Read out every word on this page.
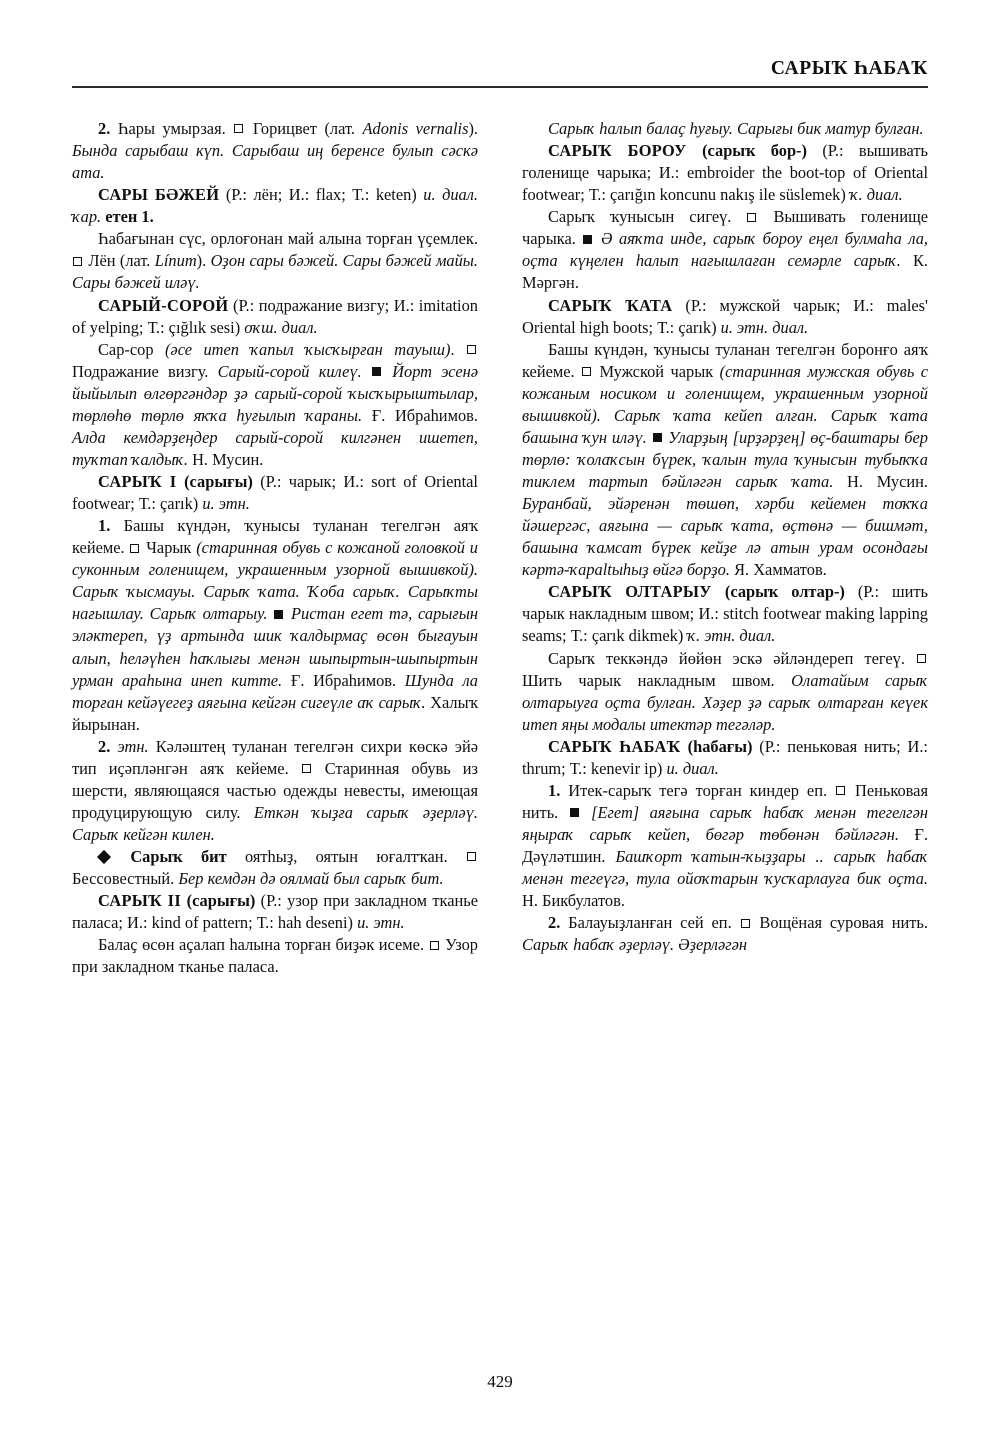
САРЫҠ ҺАБАҠ

2. Һары умырзая.  Горицвет (лат. Adonis vernalis). Бында сарыбаш күп. Сарыбаш иң беренсе булып сәскә ата.

САРЫ БӘЖЕЙ (Р.: лён; И.: flax; Т.: keten) и. диал. ҡар. етен 1.

Һабағынан сүс, орлоғонан май алына торған үҫемлек.  Лён (лат. Línum). Оҙон сары бәжей. Сары бәжей майы. Сары бәжей иләү.

САРЫЙ-СОРОЙ (Р.: подражание визгу; И.: imitation of yelping; Т.: çığlık sesi) оҡш. диал.

Сар-сор (әсе итеп ҡапыл ҡысҡырған тауыш).  Подражание визгу. Сарый-сорой килеү.  Йорт эсенә йыйылып өлгөргәндәр ҙә сарый-сорой ҡысҡырыштылар, төрлөһө төрлө яҡҡа һуғылып ҡараны. Ғ. Ибраһимов. Алда кемдәрҙеңдер сарый-сорой килгәнен ишетеп, туҡтап ҡалдыҡ. Н. Мусин.

САРЫҠ I (сарығы) (Р.: чарык; И.: sort of Oriental footwear; Т.: çarık) и. этн.

1. Башы күндән, ҡунысы туланан тегелгән аяҡ кейеме.  Чарык (старинная обувь с кожаной головкой и суконным голенищем, украшенным узорной вышивкой). Сарыҡ ҡысмауы. Сарыҡ ҡата. Ҡоба сарыҡ. Сарыҡты нағышлау. Сарыҡ олтарыу.  Ристан егет тә, сарығын эләктереп, үҙ артында шик ҡалдырмаҫ өсөн бығауын алып, һеләүһен һаҡлығы менән шыпыртын-шыпыртын урман араһына инеп китте. Ғ. Ибраһимов. Шунда ла торған кейәүегеҙ аяғына кейгән сигеүле аҡ сарыҡ. Халыҡ йырынан.

2. этн. Кәләштең туланан тегелгән сихри көскә эйә тип иҫәпләнгән аяҡ кейеме.  Старинная обувь из шерсти, являющаяся частью одежды невесты, имеющая продуцирующую силу. Еткән ҡыҙға сарыҡ әҙерләү. Сарыҡ кейгән килен.

Сарыҡ бит оятһыҙ, оятын юғалтҡан.  Бессовестный. Бер кемдән дә оялмай был сарыҡ бит.

САРЫҠ II (сарығы) (Р.: узор при закладном тканье паласа; И.: kind of pattern; Т.: hah deseni) и. этн.

Балаҫ өсөн аҫалап һалына торған биҙәк исеме.  Узор при закладном тканье паласа.

Сарыҡ һалып балаҫ һуғыу. Сарығы бик матур булған.

САРЫҠ БОРОУ (сарыҡ бор-) (Р.: вышивать голенище чарыка; И.: embroider the boot-top of Oriental footwear; Т.: çarığın koncunu nakış ile süslemek) ҡ. диал.

Сарыҡ ҡунысын сигеү.  Вышивать голенище чарыка.  Ә аяҡта инде, сарыҡ бороу еңел булмаһа ла, оҫта күңелен һалып нағышлаған семәрле сарыҡ. К. Мәргән.

САРЫҠ ҠАТА (Р.: мужской чарык; И.: males' Oriental high boots; Т.: çarık) и. этн. диал.

Башы күндән, ҡунысы туланан тегелгән боронғо аяҡ кейеме.  Мужской чарык (старинная мужская обувь с кожаным носиком и голенищем, украшенным узорной вышивкой). Сарыҡ ҡата кейеп алған. Сарыҡ ҡата башына ҡун иләү.  Уларҙың [ирҙәрҙең] өҫ-баштары бер төрлө: ҡолаҡсын бүрек, ҡалын тула ҡунысын тубыҡҡа тиклем тартып бәйләгән сарыҡ ҡата. Н. Мусин. Буранбай, эйәренән төшөп, хәрби кейемен тоҡҡа йәшергәс, аяғына — сарыҡ ҡата, өҫтөнә — бишмәт, башына ҡамсат бүрек кейҙе лә атын урам осондағы кәртә-ҡараltыһыҙ өйгә борҙо. Я. Хамматов.

САРЫҠ ОЛТАРЫУ (сарыҡ олтар-) (Р.: шить чарык накладным швом; И.: stitch footwear making lapping seams; Т.: çarık dikmek) ҡ. этн. диал.

Сарыҡ теккәндә йөйөн эскә әйләндереп тегеү.  Шить чарык накладным швом. Олатайым сарыҡ олтарыуға оҫта булған. Хәҙер ҙә сарыҡ олтарған кеүек итеп яңы модалы итектәр тегәләр.

САРЫҠ ҺАБАҠ (һабағы) (Р.: пеньковая нить; И.: thrum; Т.: kenevir ip) и. диал.

1. Итек-сарыҡ тегә торған киндер еп.  Пеньковая нить.  [Егет] аяғына сарыҡ һабаҡ менән тегелгән яңыраҡ сарыҡ кейеп, бөгәр төбөнән бәйләгән. Ғ. Дәүләтшин. Башҡорт ҡатын-ҡыҙҙары .. сарыҡ һабаҡ менән тегеүгә, тула ойоҡтарын ҡусҡарлауға бик оҫта. Н. Бикбулатов.

2. Балауыҙланған сей еп.  Вощёная суровая нить. Сарыҡ һабаҡ әҙерләү. Әҙерләгән

429
